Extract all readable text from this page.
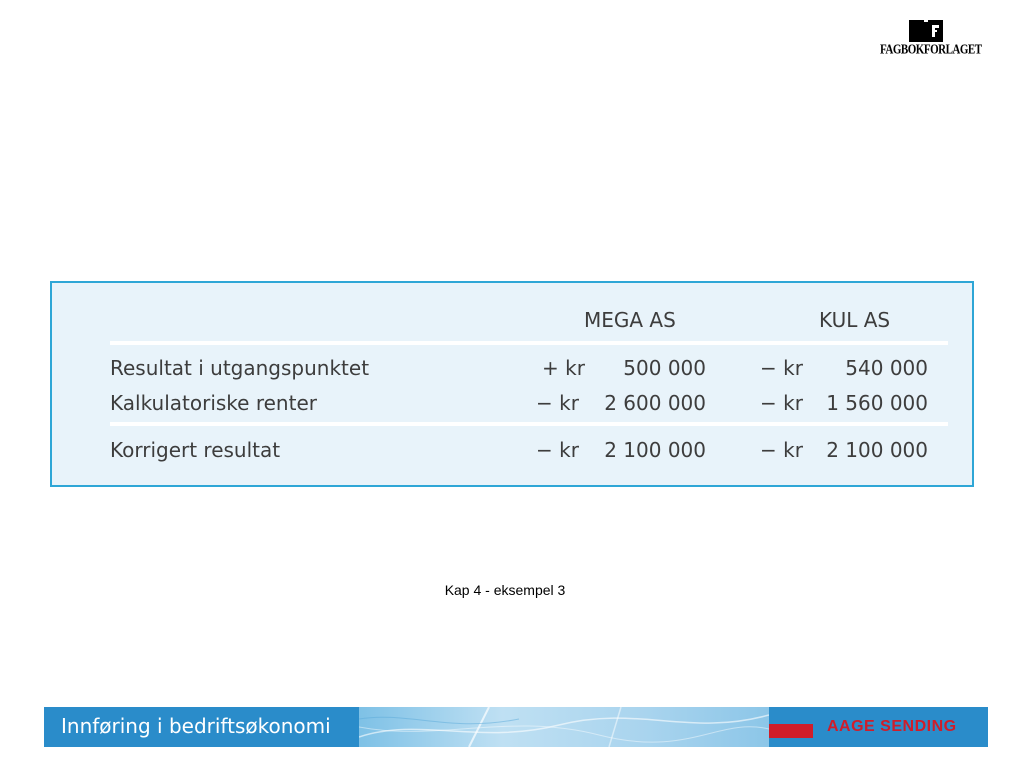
FAGBOKFORLAGET
MEGA AS	KUL AS
Resultat i utgangspunktet	+ kr	500 000	− kr	540 000
Kalkulatoriske renter	− kr	2 600 000	− kr	1 560 000
Korrigert resultat	− kr	2 100 000	− kr	2 100 000
Kap 4 - eksempel 3
Innføring i bedriftsøkonomi	AAGE SENDING
